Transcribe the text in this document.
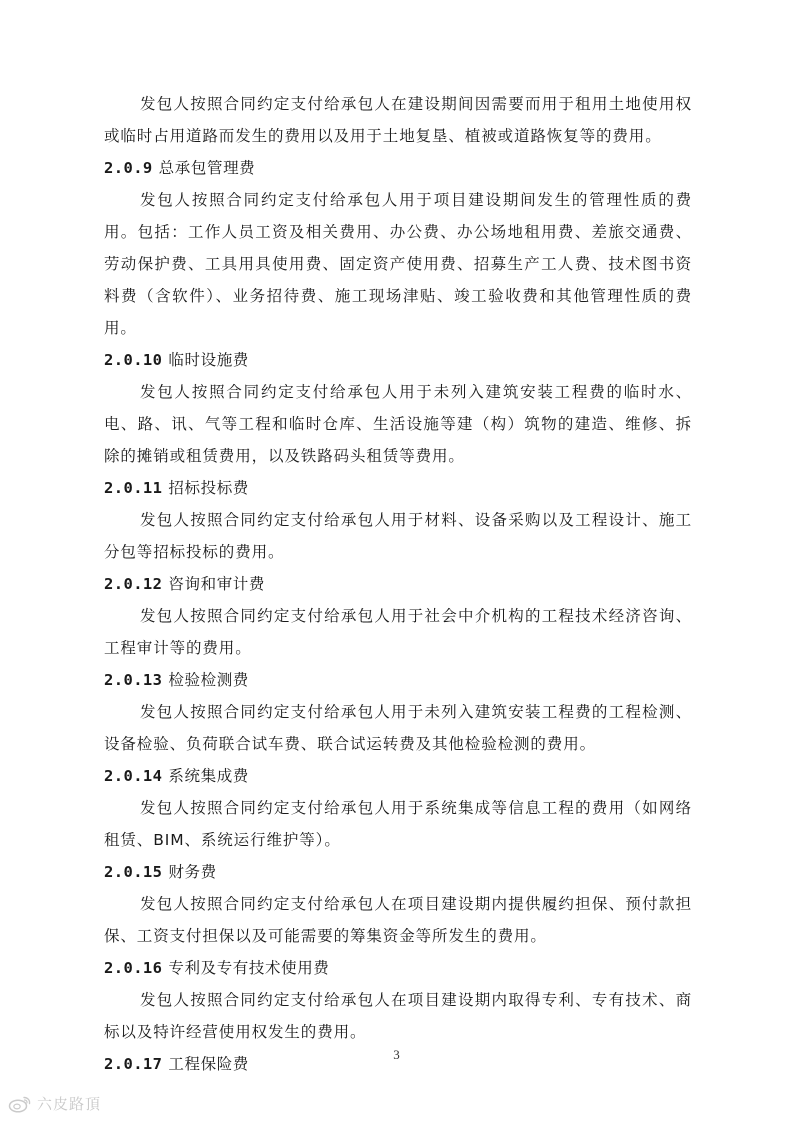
发包人按照合同约定支付给承包人在建设期间因需要而用于租用土地使用权或临时占用道路而发生的费用以及用于土地复垦、植被或道路恢复等的费用。

2.0.9 总承包管理费

发包人按照合同约定支付给承包人用于项目建设期间发生的管理性质的费用。包括：工作人员工资及相关费用、办公费、办公场地租用费、差旅交通费、劳动保护费、工具用具使用费、固定资产使用费、招募生产工人费、技术图书资料费（含软件）、业务招待费、施工现场津贴、竣工验收费和其他管理性质的费用。

2.0.10 临时设施费

发包人按照合同约定支付给承包人用于未列入建筑安装工程费的临时水、电、路、讯、气等工程和临时仓库、生活设施等建（构）筑物的建造、维修、拆除的摊销或租赁费用，以及铁路码头租赁等费用。

2.0.11 招标投标费

发包人按照合同约定支付给承包人用于材料、设备采购以及工程设计、施工分包等招标投标的费用。

2.0.12 咨询和审计费

发包人按照合同约定支付给承包人用于社会中介机构的工程技术经济咨询、工程审计等的费用。

2.0.13 检验检测费

发包人按照合同约定支付给承包人用于未列入建筑安装工程费的工程检测、设备检验、负荷联合试车费、联合试运转费及其他检验检测的费用。

2.0.14 系统集成费

发包人按照合同约定支付给承包人用于系统集成等信息工程的费用（如网络租赁、BIM、系统运行维护等）。

2.0.15 财务费

发包人按照合同约定支付给承包人在项目建设期内提供履约担保、预付款担保、工资支付担保以及可能需要的筹集资金等所发生的费用。

2.0.16 专利及专有技术使用费

发包人按照合同约定支付给承包人在项目建设期内取得专利、专有技术、商标以及特许经营使用权发生的费用。

2.0.17 工程保险费

3
六皮路頂
